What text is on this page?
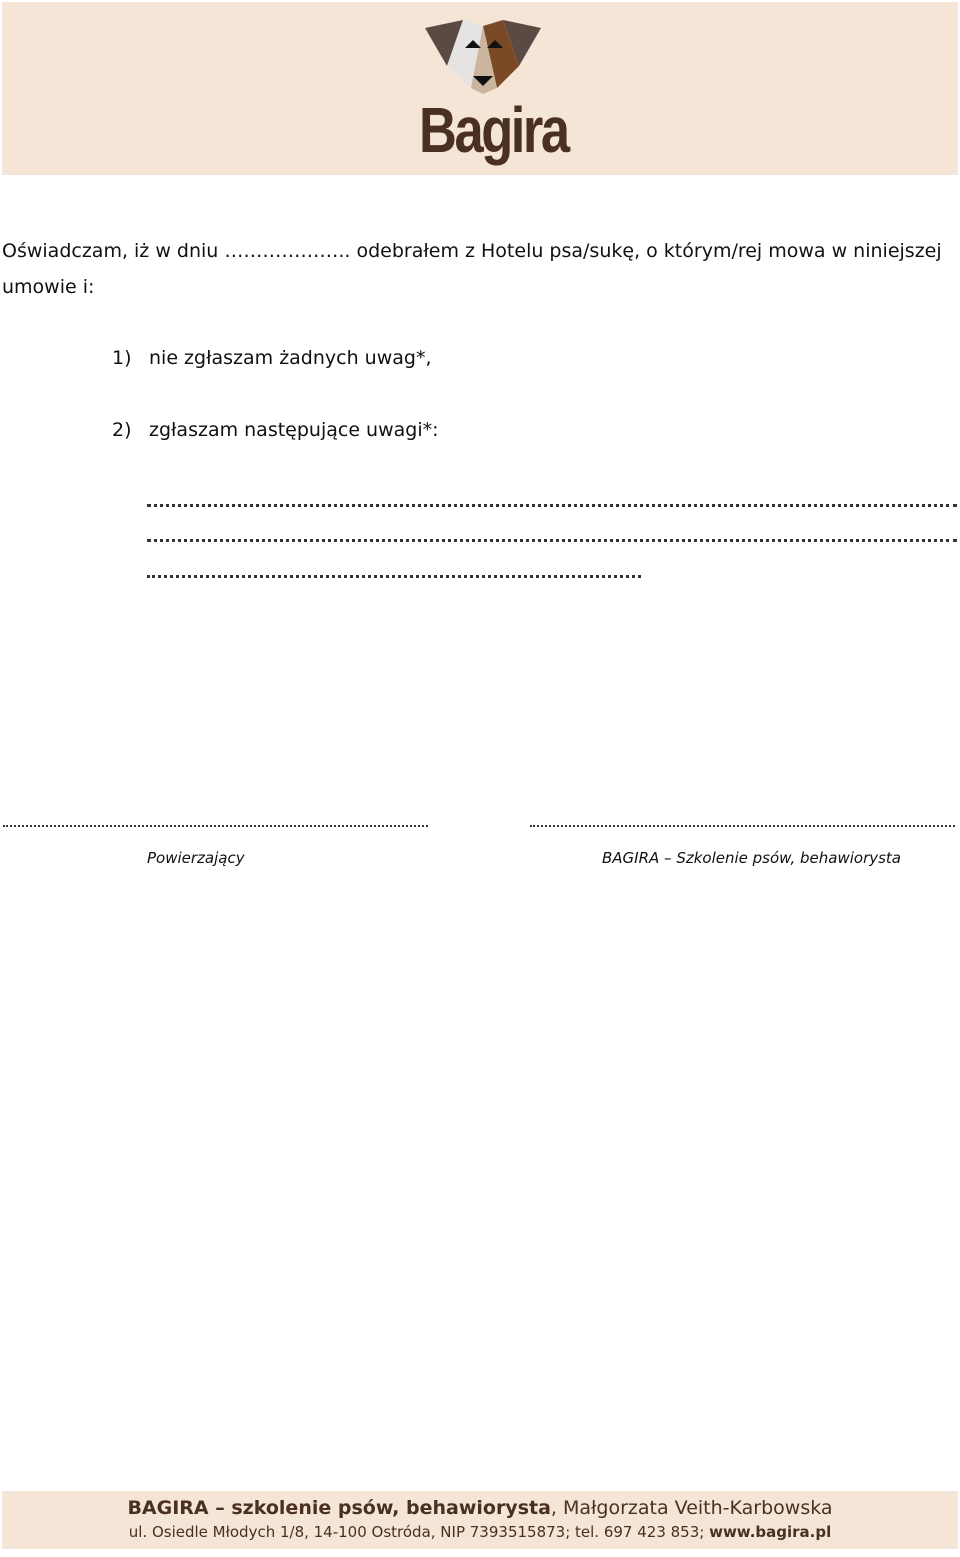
Bagira
Oświadczam, iż w dniu ……………….. odebrałem z Hotelu psa/sukę, o którym/rej mowa w niniejszej
umowie i:
1) nie zgłaszam żadnych uwag*,
2) zgłaszam następujące uwagi*:
Powierzający	BAGIRA – Szkolenie psów, behawiorysta
BAGIRA – szkolenie psów, behawiorysta, Małgorzata Veith-Karbowska
ul. Osiedle Młodych 1/8, 14-100 Ostróda, NIP 7393515873; tel. 697 423 853; www.bagira.pl
